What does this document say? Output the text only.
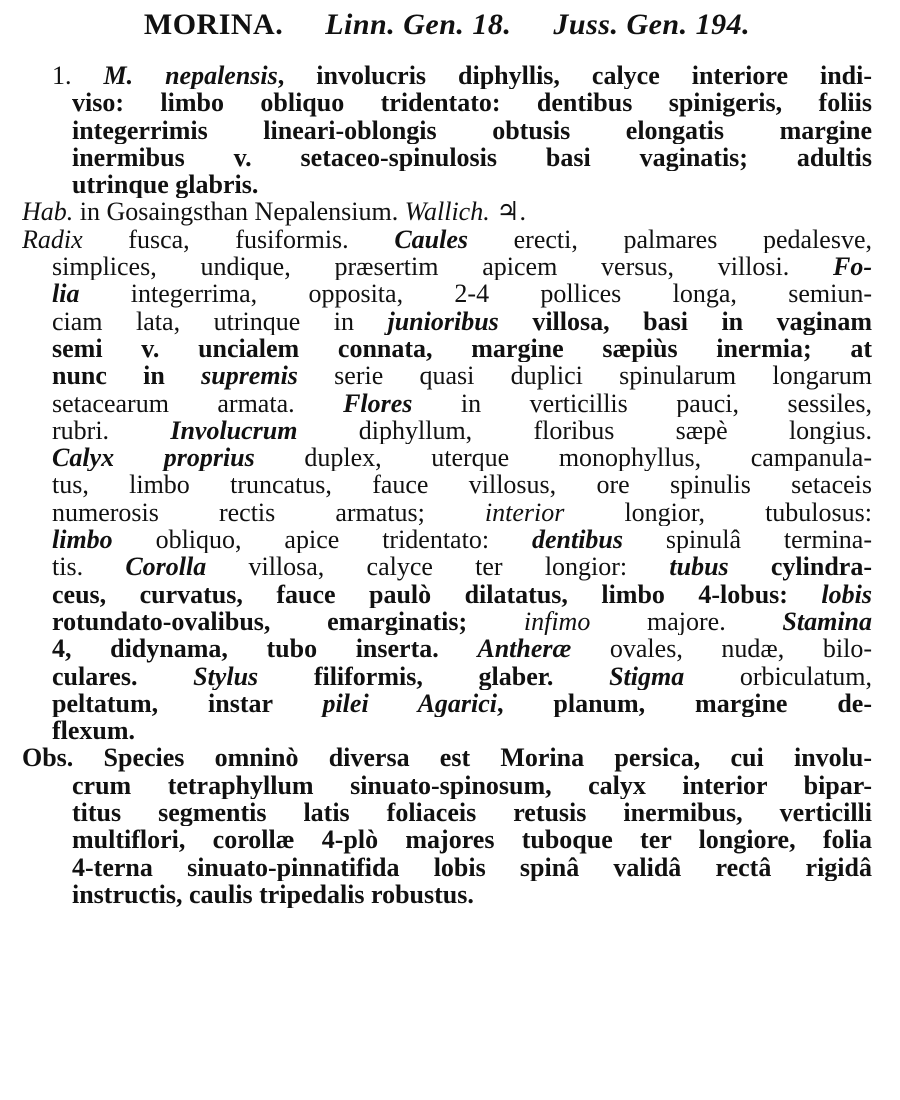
MORINA. Linn. Gen. 18. Juss. Gen. 194.
1. M. nepalensis, involucris diphyllis, calyce interiore indi-
viso: limbo obliquo tridentato: dentibus spinigeris, foliis
integerrimis lineari-oblongis obtusis elongatis margine
inermibus v. setaceo-spinulosis basi vaginatis; adultis
utrinque glabris.
Hab. in Gosaingsthan Nepalensium. Wallich. ♃.
Radix fusca, fusiformis. Caules erecti, palmares pedalesve,
simplices, undique, præsertim apicem versus, villosi. Fo-
lia integerrima, opposita, 2-4 pollices longa, semiun-
ciam lata, utrinque in junioribus villosa, basi in vaginam
semi v. uncialem connata, margine sæpiùs inermia; at
nunc in supremis serie quasi duplici spinularum longarum
setacearum armata. Flores in verticillis pauci, sessiles,
rubri. Involucrum diphyllum, floribus sæpè longius.
Calyx proprius duplex, uterque monophyllus, campanula-
tus, limbo truncatus, fauce villosus, ore spinulis setaceis
numerosis rectis armatus; interior longior, tubulosus:
limbo obliquo, apice tridentato: dentibus spinulâ termina-
tis. Corolla villosa, calyce ter longior: tubus cylindra-
ceus, curvatus, fauce paulò dilatatus, limbo 4-lobus: lobis
rotundato-ovalibus, emarginatis; infimo majore. Stamina
4, didynama, tubo inserta. Antheræ ovales, nudæ, bilo-
culares. Stylus filiformis, glaber. Stigma orbiculatum,
peltatum, instar pilei Agarici, planum, margine de-
flexum.
Obs. Species omninò diversa est Morina persica, cui involu-
crum tetraphyllum sinuato-spinosum, calyx interior bipar-
titus segmentis latis foliaceis retusis inermibus, verticilli
multiflori, corollæ 4-plò majores tuboque ter longiore, folia
4-terna sinuato-pinnatifida lobis spinâ validâ rectâ rigidâ
instructis, caulis tripedalis robustus.
